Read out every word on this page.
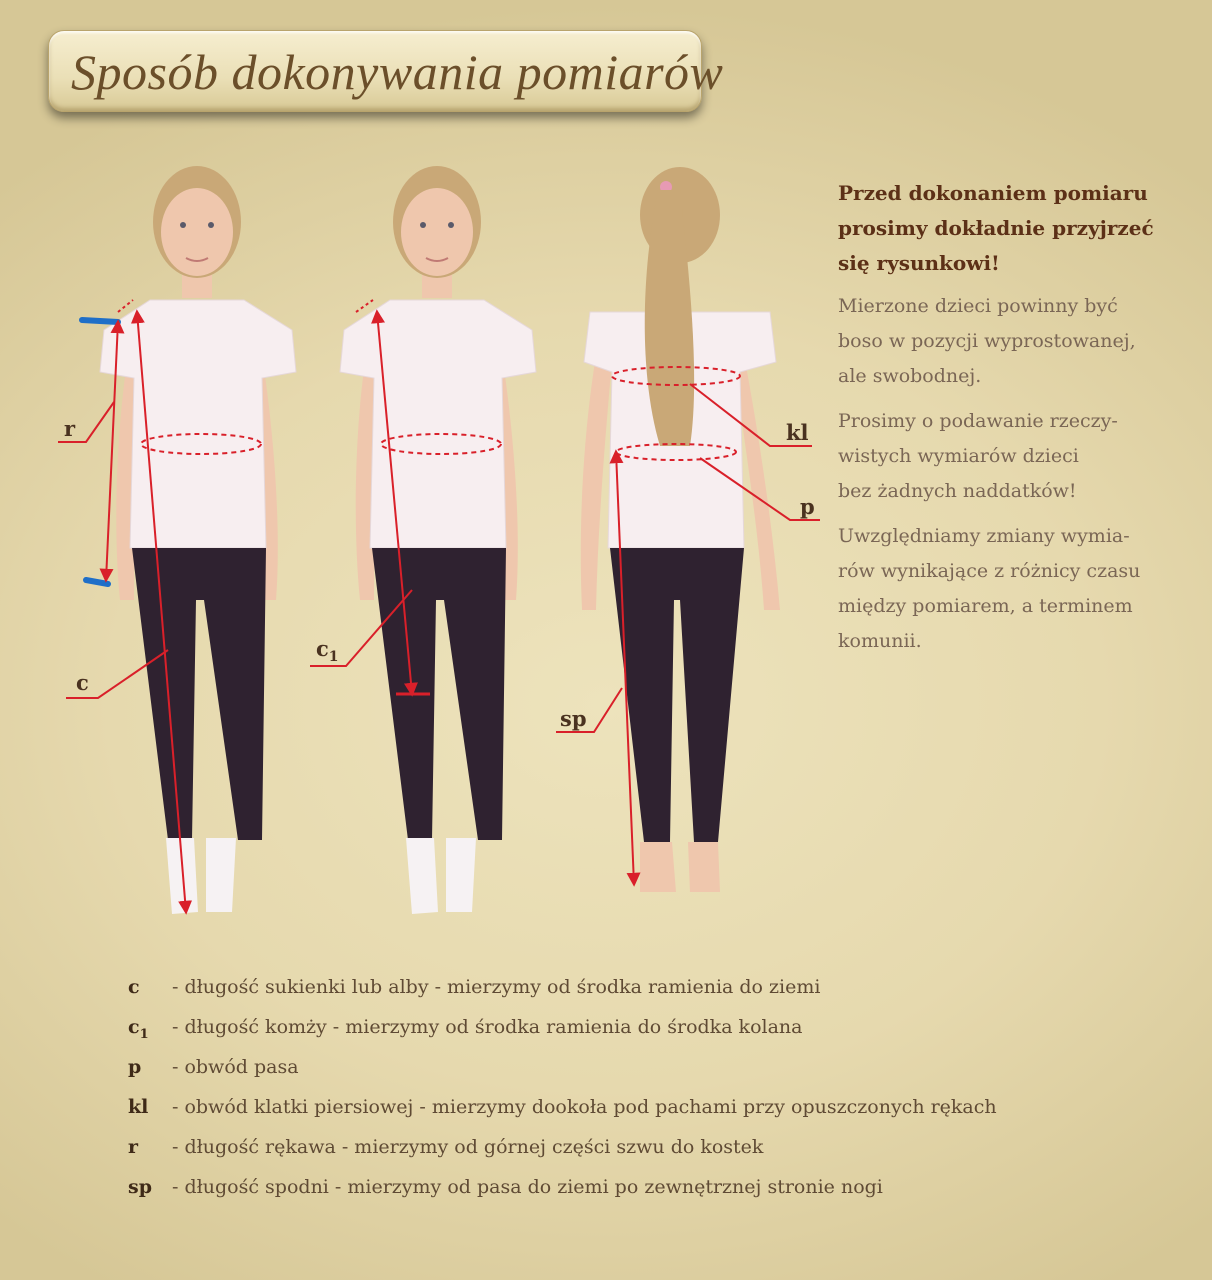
Sposób dokonywania pomiarów
r
c
$c_1$
kl
p
sp

Przed dokonaniem pomiaru
prosimy dokładnie przyjrzeć
się rysunkowi!

Mierzone dzieci powinny być
boso w pozycji wyprostowanej,
ale swobodnej.

Prosimy o podawanie rzeczy-
wistych wymiarów dzieci
bez żadnych naddatków!

Uwzględniamy zmiany wymia-
rów wynikające z różnicy czasu
między pomiarem, a terminem
komunii.

c - długość sukienki lub alby - mierzymy od środka ramienia do ziemi
$c_1$ - długość komży - mierzymy od środka ramienia do środka kolana
p - obwód pasa
kl - obwód klatki piersiowej - mierzymy dookoła pod pachami przy opuszczonych rękach
r - długość rękawa - mierzymy od górnej części szwu do kostek
sp - długość spodni - mierzymy od pasa do ziemi po zewnętrznej stronie nogi
